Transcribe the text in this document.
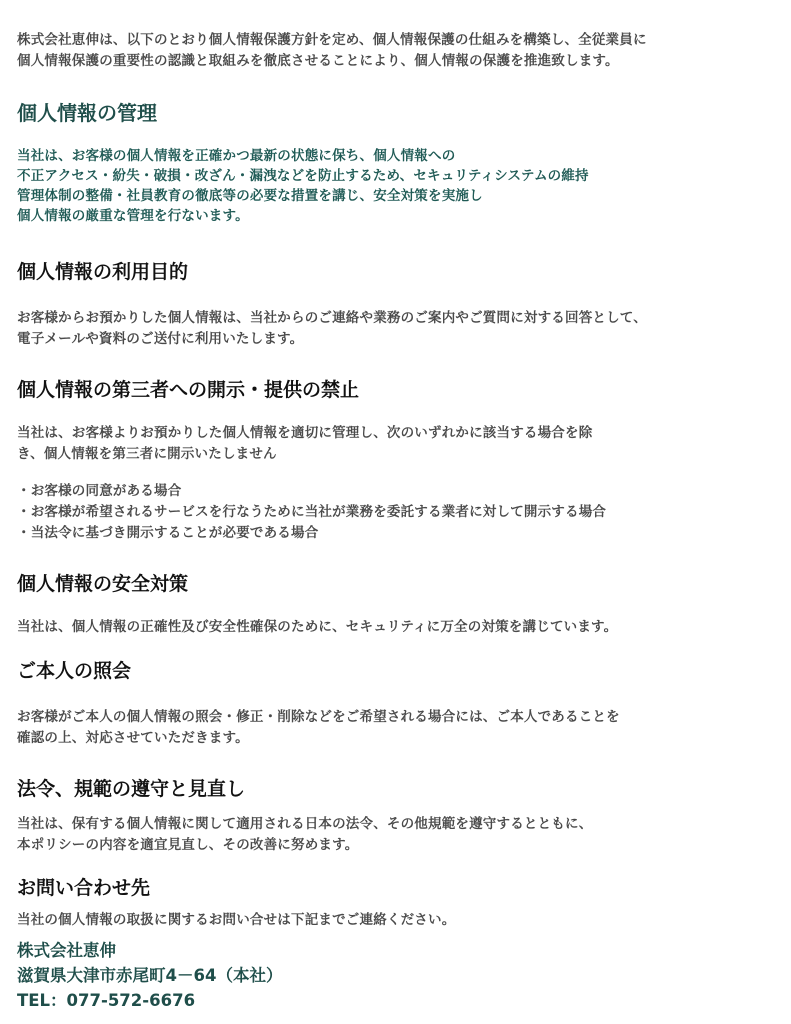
株式会社恵伸は、以下のとおり個人情報保護方針を定め、個人情報保護の仕組みを構築し、全従業員に
個人情報保護の重要性の認識と取組みを徹底させることにより、個人情報の保護を推進致します。

個人情報の管理

当社は、お客様の個人情報を正確かつ最新の状態に保ち、個人情報への
不正アクセス・紛失・破損・改ざん・漏洩などを防止するため、セキュリティシステムの維持
管理体制の整備・社員教育の徹底等の必要な措置を講じ、安全対策を実施し
個人情報の厳重な管理を行ないます。

個人情報の利用目的

お客様からお預かりした個人情報は、当社からのご連絡や業務のご案内やご質問に対する回答として、
電子メールや資料のご送付に利用いたします。

個人情報の第三者への開示・提供の禁止

当社は、お客様よりお預かりした個人情報を適切に管理し、次のいずれかに該当する場合を除
き、個人情報を第三者に開示いたしません

・お客様の同意がある場合

・お客様が希望されるサービスを行なうために当社が業務を委託する業者に対して開示する場合

・当法令に基づき開示することが必要である場合

個人情報の安全対策

当社は、個人情報の正確性及び安全性確保のために、セキュリティに万全の対策を講じています。

ご本人の照会

お客様がご本人の個人情報の照会・修正・削除などをご希望される場合には、ご本人であることを
確認の上、対応させていただきます。

法令、規範の遵守と見直し

当社は、保有する個人情報に関して適用される日本の法令、その他規範を遵守するとともに、
本ポリシーの内容を適宜見直し、その改善に努めます。

お問い合わせ先

当社の個人情報の取扱に関するお問い合せは下記までご連絡ください。

株式会社恵伸

滋賀県大津市赤尾町4－64（本社）

TEL：077-572-6676
